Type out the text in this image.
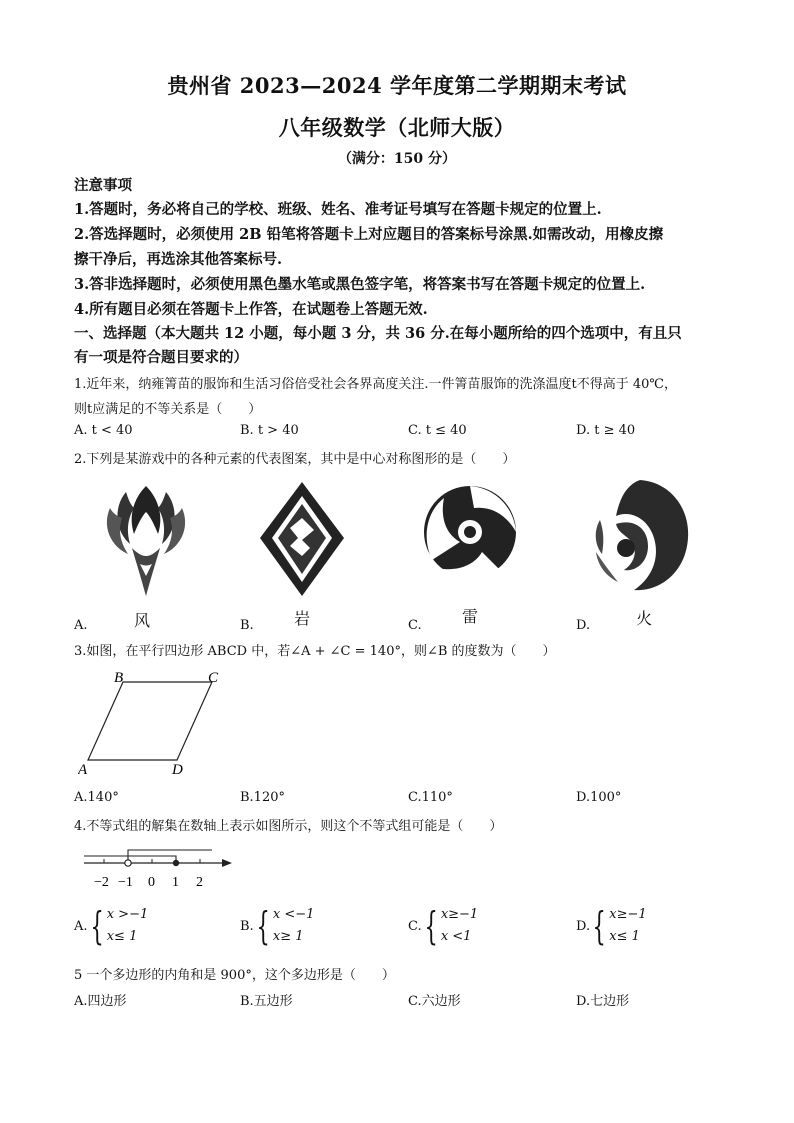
贵州省 2023—2024 学年度第二学期期末考试
八年级数学（北师大版）
（满分：150 分）
注意事项
1.答题时，务必将自己的学校、班级、姓名、准考证号填写在答题卡规定的位置上.
2.答选择题时，必须使用 2B 铅笔将答题卡上对应题目的答案标号涂黑.如需改动，用橡皮擦
擦干净后，再选涂其他答案标号.
3.答非选择题时，必须使用黑色墨水笔或黑色签字笔，将答案书写在答题卡规定的位置上.
4.所有题目必须在答题卡上作答，在试题卷上答题无效.
一、选择题（本大题共 12 小题，每小题 3 分，共 36 分.在每小题所给的四个选项中，有且只
有一项是符合题目要求的）
1.近年来，纳雍箐苗的服饰和生活习俗倍受社会各界高度关注.一件箐苗服饰的洗涤温度t不得高于 40℃，
则t应满足的不等关系是（　　）
A. t < 40	B. t > 40	C. t ≤ 40	D. t ≥ 40
2.下列是某游戏中的各种元素的代表图案，其中是中心对称图形的是（　　）
A.	风	B.	岩	C.	雷	D.	火
3.如图，在平行四边形 ABCD 中，若∠A + ∠C = 140°，则∠B 的度数为（　　）
B	C
A	D
A.140°	B.120°	C.110°	D.100°
4.不等式组的解集在数轴上表示如图所示，则这个不等式组可能是（　　）
−2 −1 0 1 2
A. { x >−1
x≤ 1
B. { x <−1
x≥ 1
C. { x≥−1
x <1
D. { x≥−1
x≤ 1
5 一个多边形的内角和是 900°，这个多边形是（　　）
A.四边形	B.五边形	C.六边形	D.七边形
